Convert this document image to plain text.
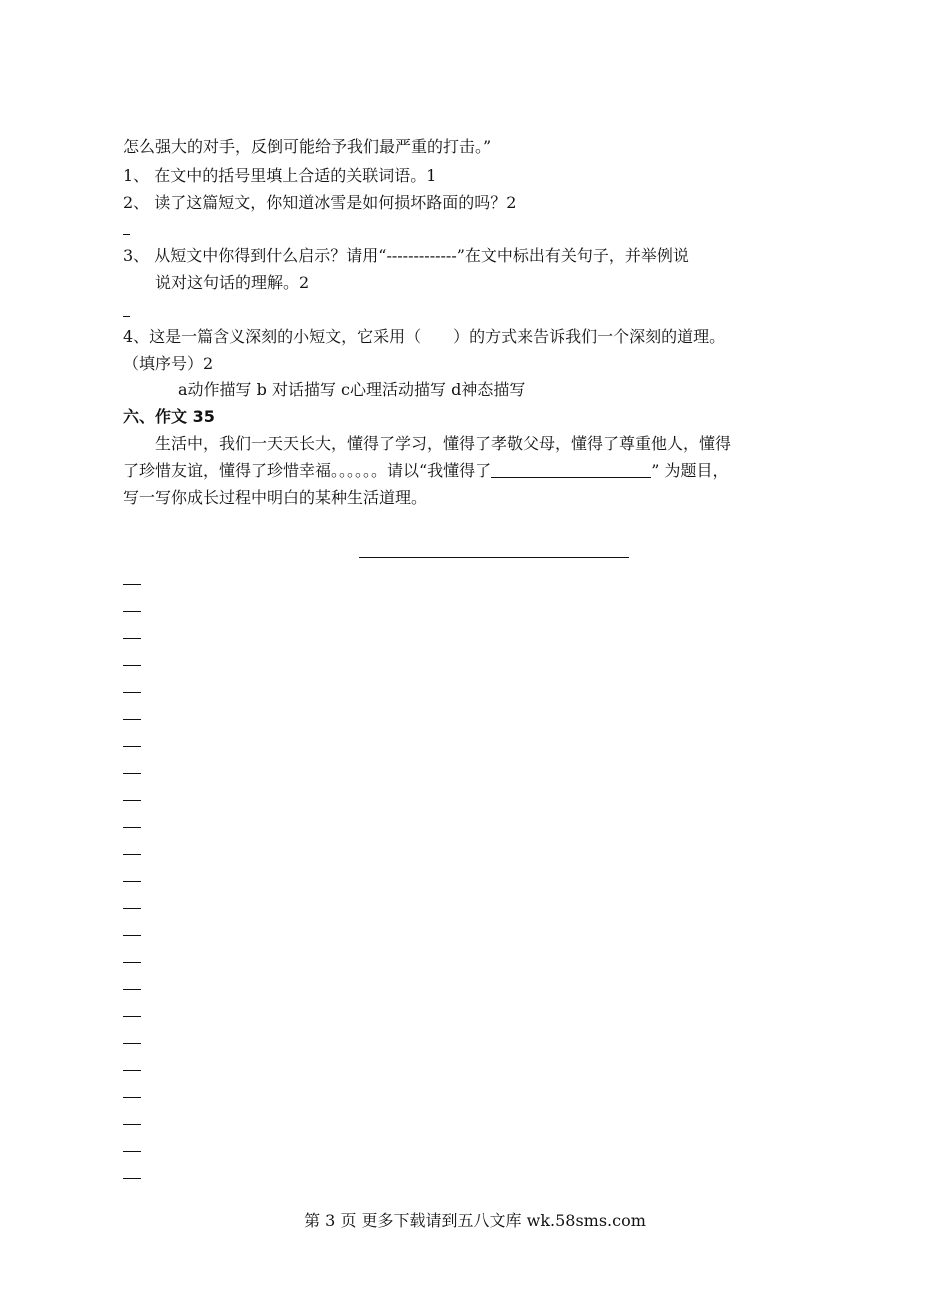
怎么强大的对手，反倒可能给予我们最严重的打击。”
1、 在文中的括号里填上合适的关联词语。1
2、 读了这篇短文，你知道冰雪是如何损坏路面的吗？2
3、 从短文中你得到什么启示？请用“-------------”在文中标出有关句子，并举例说
说对这句话的理解。2
4、这是一篇含义深刻的小短文，它采用（　　）的方式来告诉我们一个深刻的道理。
（填序号）2
a动作描写 b 对话描写 c心理活动描写 d神态描写
六、作文 35
生活中，我们一天天长大，懂得了学习，懂得了孝敬父母，懂得了尊重他人，懂得
了珍惜友谊，懂得了珍惜幸福。。。。。。请以“我懂得了	” 为题目，
写一写你成长过程中明白的某种生活道理。
第 3 页 更多下载请到五八文库 wk.58sms.com
